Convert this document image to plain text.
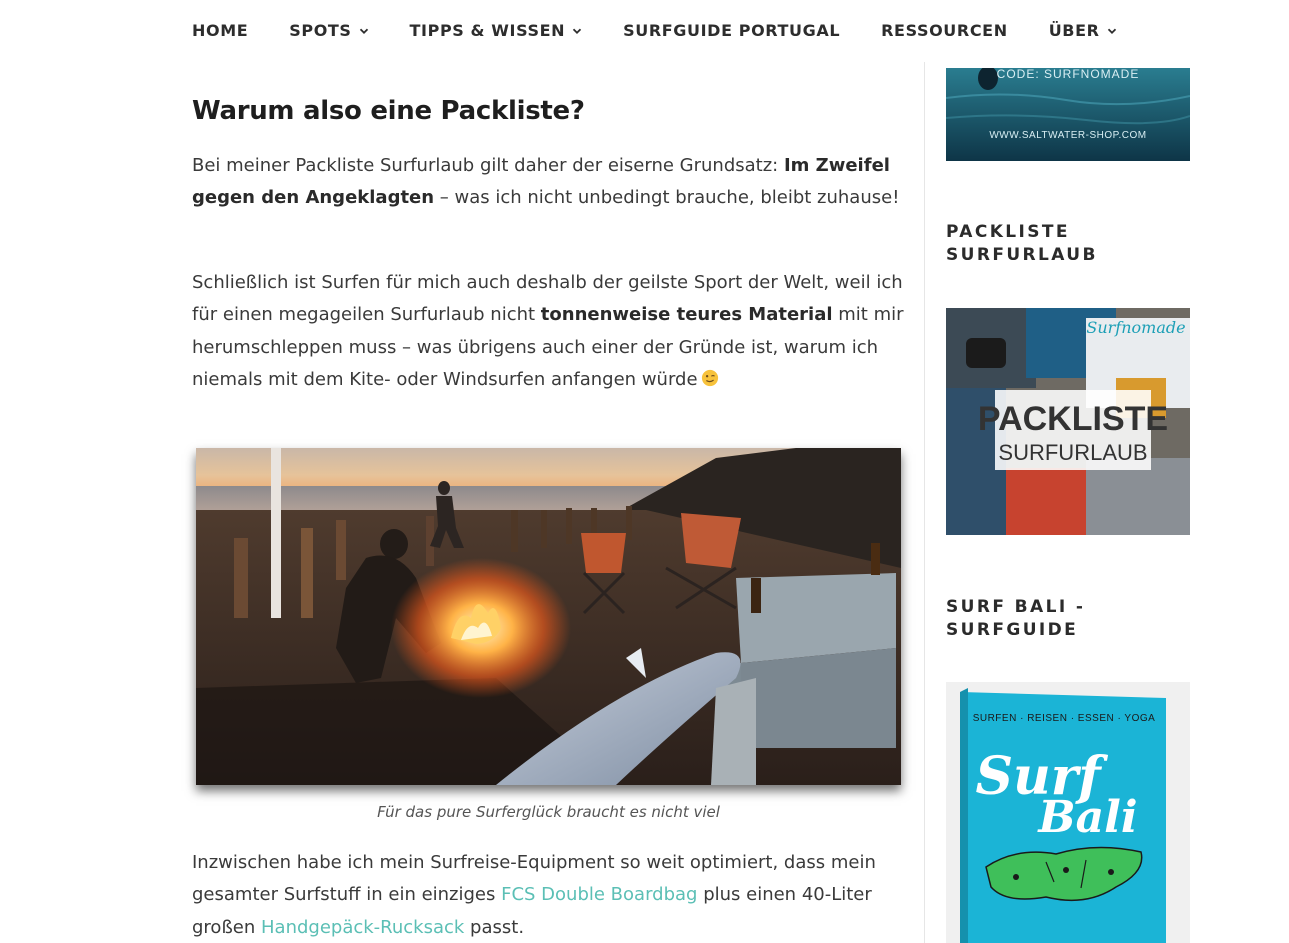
HOME	SPOTS	TIPPS & WISSEN	SURFGUIDE PORTUGAL	RESSOURCEN	ÜBER
Warum also eine Packliste?

Bei meiner Packliste Surfurlaub gilt daher der eiserne Grundsatz: Im Zweifel gegen den Angeklagten – was ich nicht unbedingt brauche, bleibt zuhause!

Schließlich ist Surfen für mich auch deshalb der geilste Sport der Welt, weil ich für einen megageilen Surfurlaub nicht tonnenweise teures Material mit mir herumschleppen muss – was übrigens auch einer der Gründe ist, warum ich niemals mit dem Kite- oder Windsurfen anfangen würde

Inzwischen habe ich mein Surfreise-Equipment so weit optimiert, dass mein gesamter Surfstuff in ein einziges FCS Double Boardbag plus einen 40-Liter großen Handgepäck-Rucksack passt.

Für das pure Surferglück braucht es nicht viel
CODE: SURFNOMADE
WWW.SALTWATER-SHOP.COM
PACKLISTE SURFURLAUB
Surfnomade
PACKLISTE
SURFURLAUB
SURF BALI - SURFGUIDE
SURFEN · REISEN · ESSEN · YOGA
Surf
Bali
